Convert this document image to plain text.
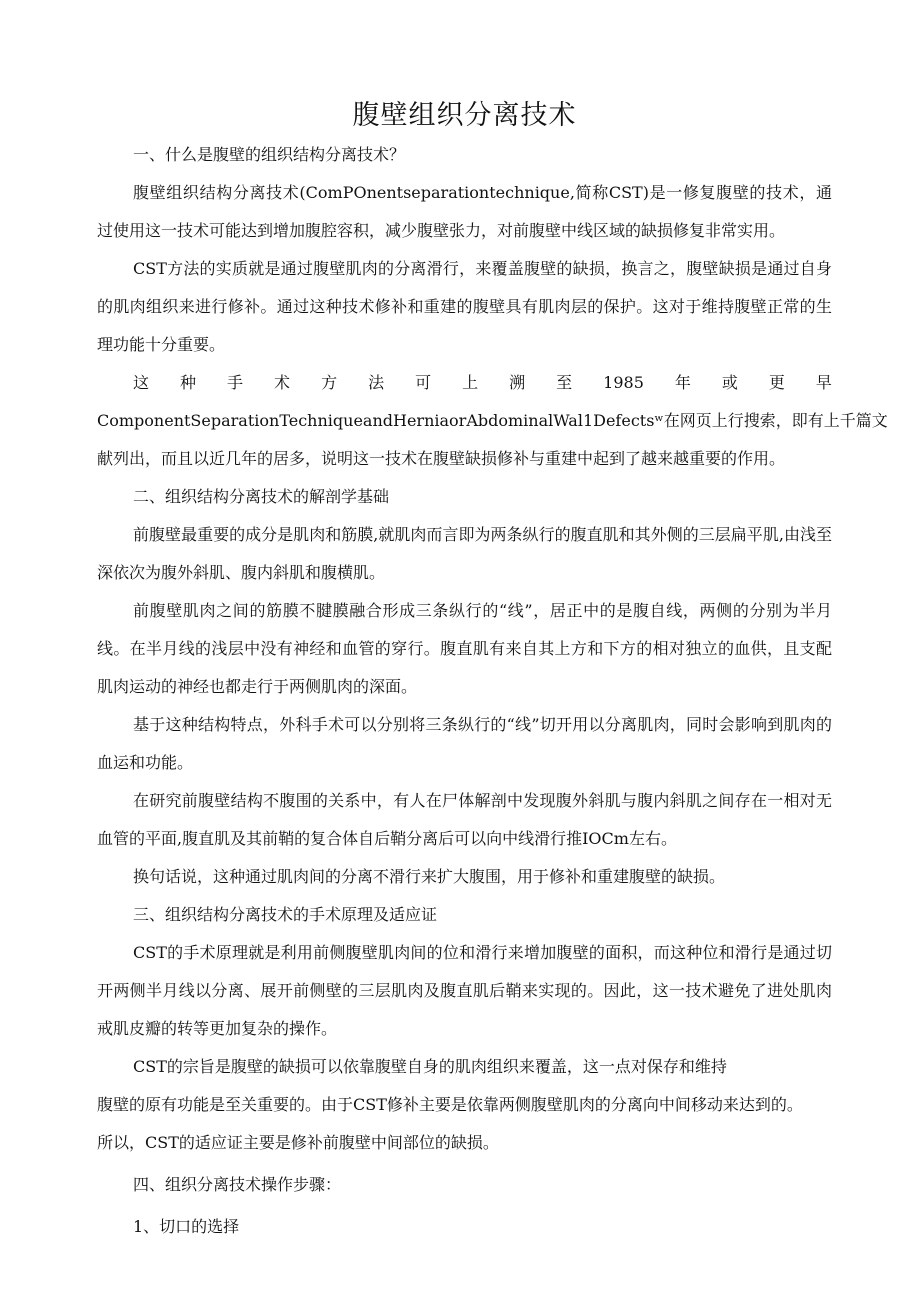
腹壁组织分离技术

一、什么是腹壁的组织结构分离技术？

腹壁组织结构分离技术(ComPOnentseparationtechnique,简称CST)是一修复腹壁的技术，通过使用这一技术可能达到增加腹腔容积，减少腹壁张力，对前腹壁中线区域的缺损修复非常实用。

CST方法的实质就是通过腹壁肌肉的分离滑行，来覆盖腹壁的缺损，换言之，腹壁缺损是通过自身的肌肉组织来进行修补。通过这种技术修补和重建的腹壁具有肌肉层的保护。这对于维持腹壁正常的生理功能十分重要。

这 种 手 术 方 法 可 上 溯 至 1985 年 或 更 早

ComponentSeparationTechniqueandHerniaorAbdominalWal1Defectsʷ在网页上行搜索，即有上千篇文

献列出，而且以近几年的居多，说明这一技术在腹壁缺损修补与重建中起到了越来越重要的作用。

二、组织结构分离技术的解剖学基础

前腹壁最重要的成分是肌肉和筋膜,就肌肉而言即为两条纵行的腹直肌和其外侧的三层扁平肌,由浅至深依次为腹外斜肌、腹内斜肌和腹横肌。

前腹壁肌肉之间的筋膜不腱膜融合形成三条纵行的“线”，居正中的是腹自线，两侧的分别为半月线。在半月线的浅层中没有神经和血管的穿行。腹直肌有来自其上方和下方的相对独立的血供，且支配肌肉运动的神经也都走行于两侧肌肉的深面。

基于这种结构特点，外科手术可以分别将三条纵行的“线”切开用以分离肌肉，同时会影响到肌肉的血运和功能。

在研究前腹壁结构不腹围的关系中，有人在尸体解剖中发现腹外斜肌与腹内斜肌之间存在一相对无血管的平面,腹直肌及其前鞘的复合体自后鞘分离后可以向中线滑行推IOCm左右。

换句话说，这种通过肌肉间的分离不滑行来扩大腹围，用于修补和重建腹壁的缺损。

三、组织结构分离技术的手术原理及适应证

CST的手术原理就是利用前侧腹壁肌肉间的位和滑行来增加腹壁的面积，而这种位和滑行是通过切开两侧半月线以分离、展开前侧壁的三层肌肉及腹直肌后鞘来实现的。因此，这一技术避免了进处肌肉戒肌皮瓣的转等更加复杂的操作。

CST的宗旨是腹壁的缺损可以依靠腹壁自身的肌肉组织来覆盖，这一点对保存和维持

腹壁的原有功能是至关重要的。由于CST修补主要是依靠两侧腹壁肌肉的分离向中间移动来达到的。

所以，CST的适应证主要是修补前腹壁中间部位的缺损。

四、组织分离技术操作步骤：

1、切口的选择
